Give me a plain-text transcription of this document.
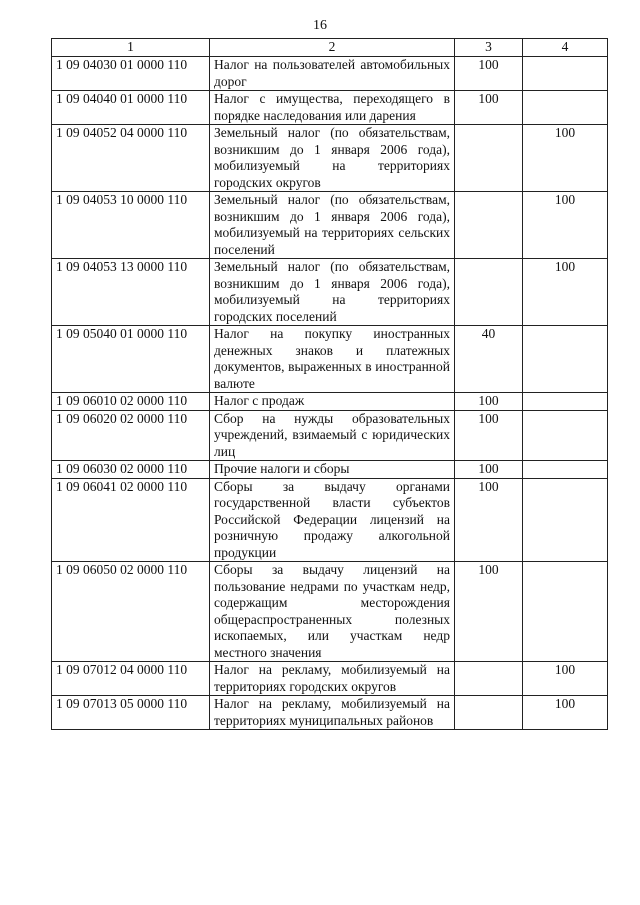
16
1	2	3	4
1 09 04030 01 0000 110	Налог на пользователей автомобильных дорог	100	
1 09 04040 01 0000 110	Налог с имущества, переходящего в порядке наследования или дарения	100	
1 09 04052 04 0000 110	Земельный налог (по обязательствам, возникшим до 1 января 2006 года), мобилизуемый на территориях городских округов		100
1 09 04053 10 0000 110	Земельный налог (по обязательствам, возникшим до 1 января 2006 года), мобилизуемый на территориях сельских поселений		100
1 09 04053 13 0000 110	Земельный налог (по обязательствам, возникшим до 1 января 2006 года), мобилизуемый на территориях городских поселений		100
1 09 05040 01 0000 110	Налог на покупку иностранных денежных знаков и платежных документов, выраженных в иностранной валюте	40	
1 09 06010 02 0000 110	Налог с продаж	100	
1 09 06020 02 0000 110	Сбор на нужды образовательных учреждений, взимаемый с юридических лиц	100	
1 09 06030 02 0000 110	Прочие налоги и сборы	100	
1 09 06041 02 0000 110	Сборы за выдачу органами государственной власти субъектов Российской Федерации лицензий на розничную продажу алкогольной продукции	100	
1 09 06050 02 0000 110	Сборы за выдачу лицензий на пользование недрами по участкам недр, содержащим месторождения общераспространенных полезных ископаемых, или участкам недр местного значения	100	
1 09 07012 04 0000 110	Налог на рекламу, мобилизуемый на территориях городских округов		100
1 09 07013 05 0000 110	Налог на рекламу, мобилизуемый на территориях муниципальных районов		100
